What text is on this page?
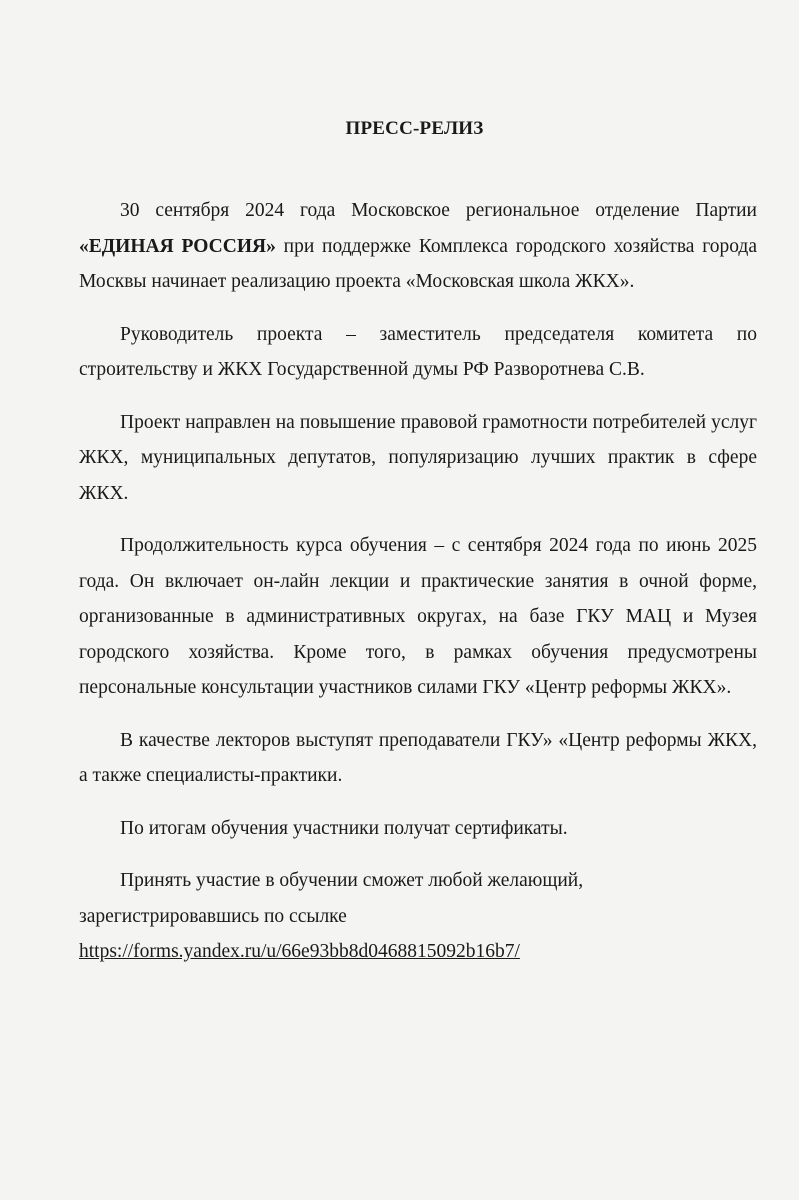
ПРЕСС-РЕЛИЗ

30 сентября 2024 года Московское региональное отделение Партии «ЕДИНАЯ РОССИЯ» при поддержке Комплекса городского хозяйства города Москвы начинает реализацию проекта «Московская школа ЖКХ».

Руководитель проекта – заместитель председателя комитета по строительству и ЖКХ Государственной думы РФ Разворотнева С.В.

Проект направлен на повышение правовой грамотности потребителей услуг ЖКХ, муниципальных депутатов, популяризацию лучших практик в сфере ЖКХ.

Продолжительность курса обучения – с сентября 2024 года по июнь 2025 года. Он включает он-лайн лекции и практические занятия в очной форме, организованные в административных округах, на базе ГКУ МАЦ и Музея городского хозяйства. Кроме того, в рамках обучения предусмотрены персональные консультации участников силами ГКУ «Центр реформы ЖКХ».

В качестве лекторов выступят преподаватели ГКУ» «Центр реформы ЖКХ, а также специалисты-практики.

По итогам обучения участники получат сертификаты.

Принять участие в обучении сможет любой желающий,
зарегистрировавшись по ссылке
https://forms.yandex.ru/u/66e93bb8d0468815092b16b7/
